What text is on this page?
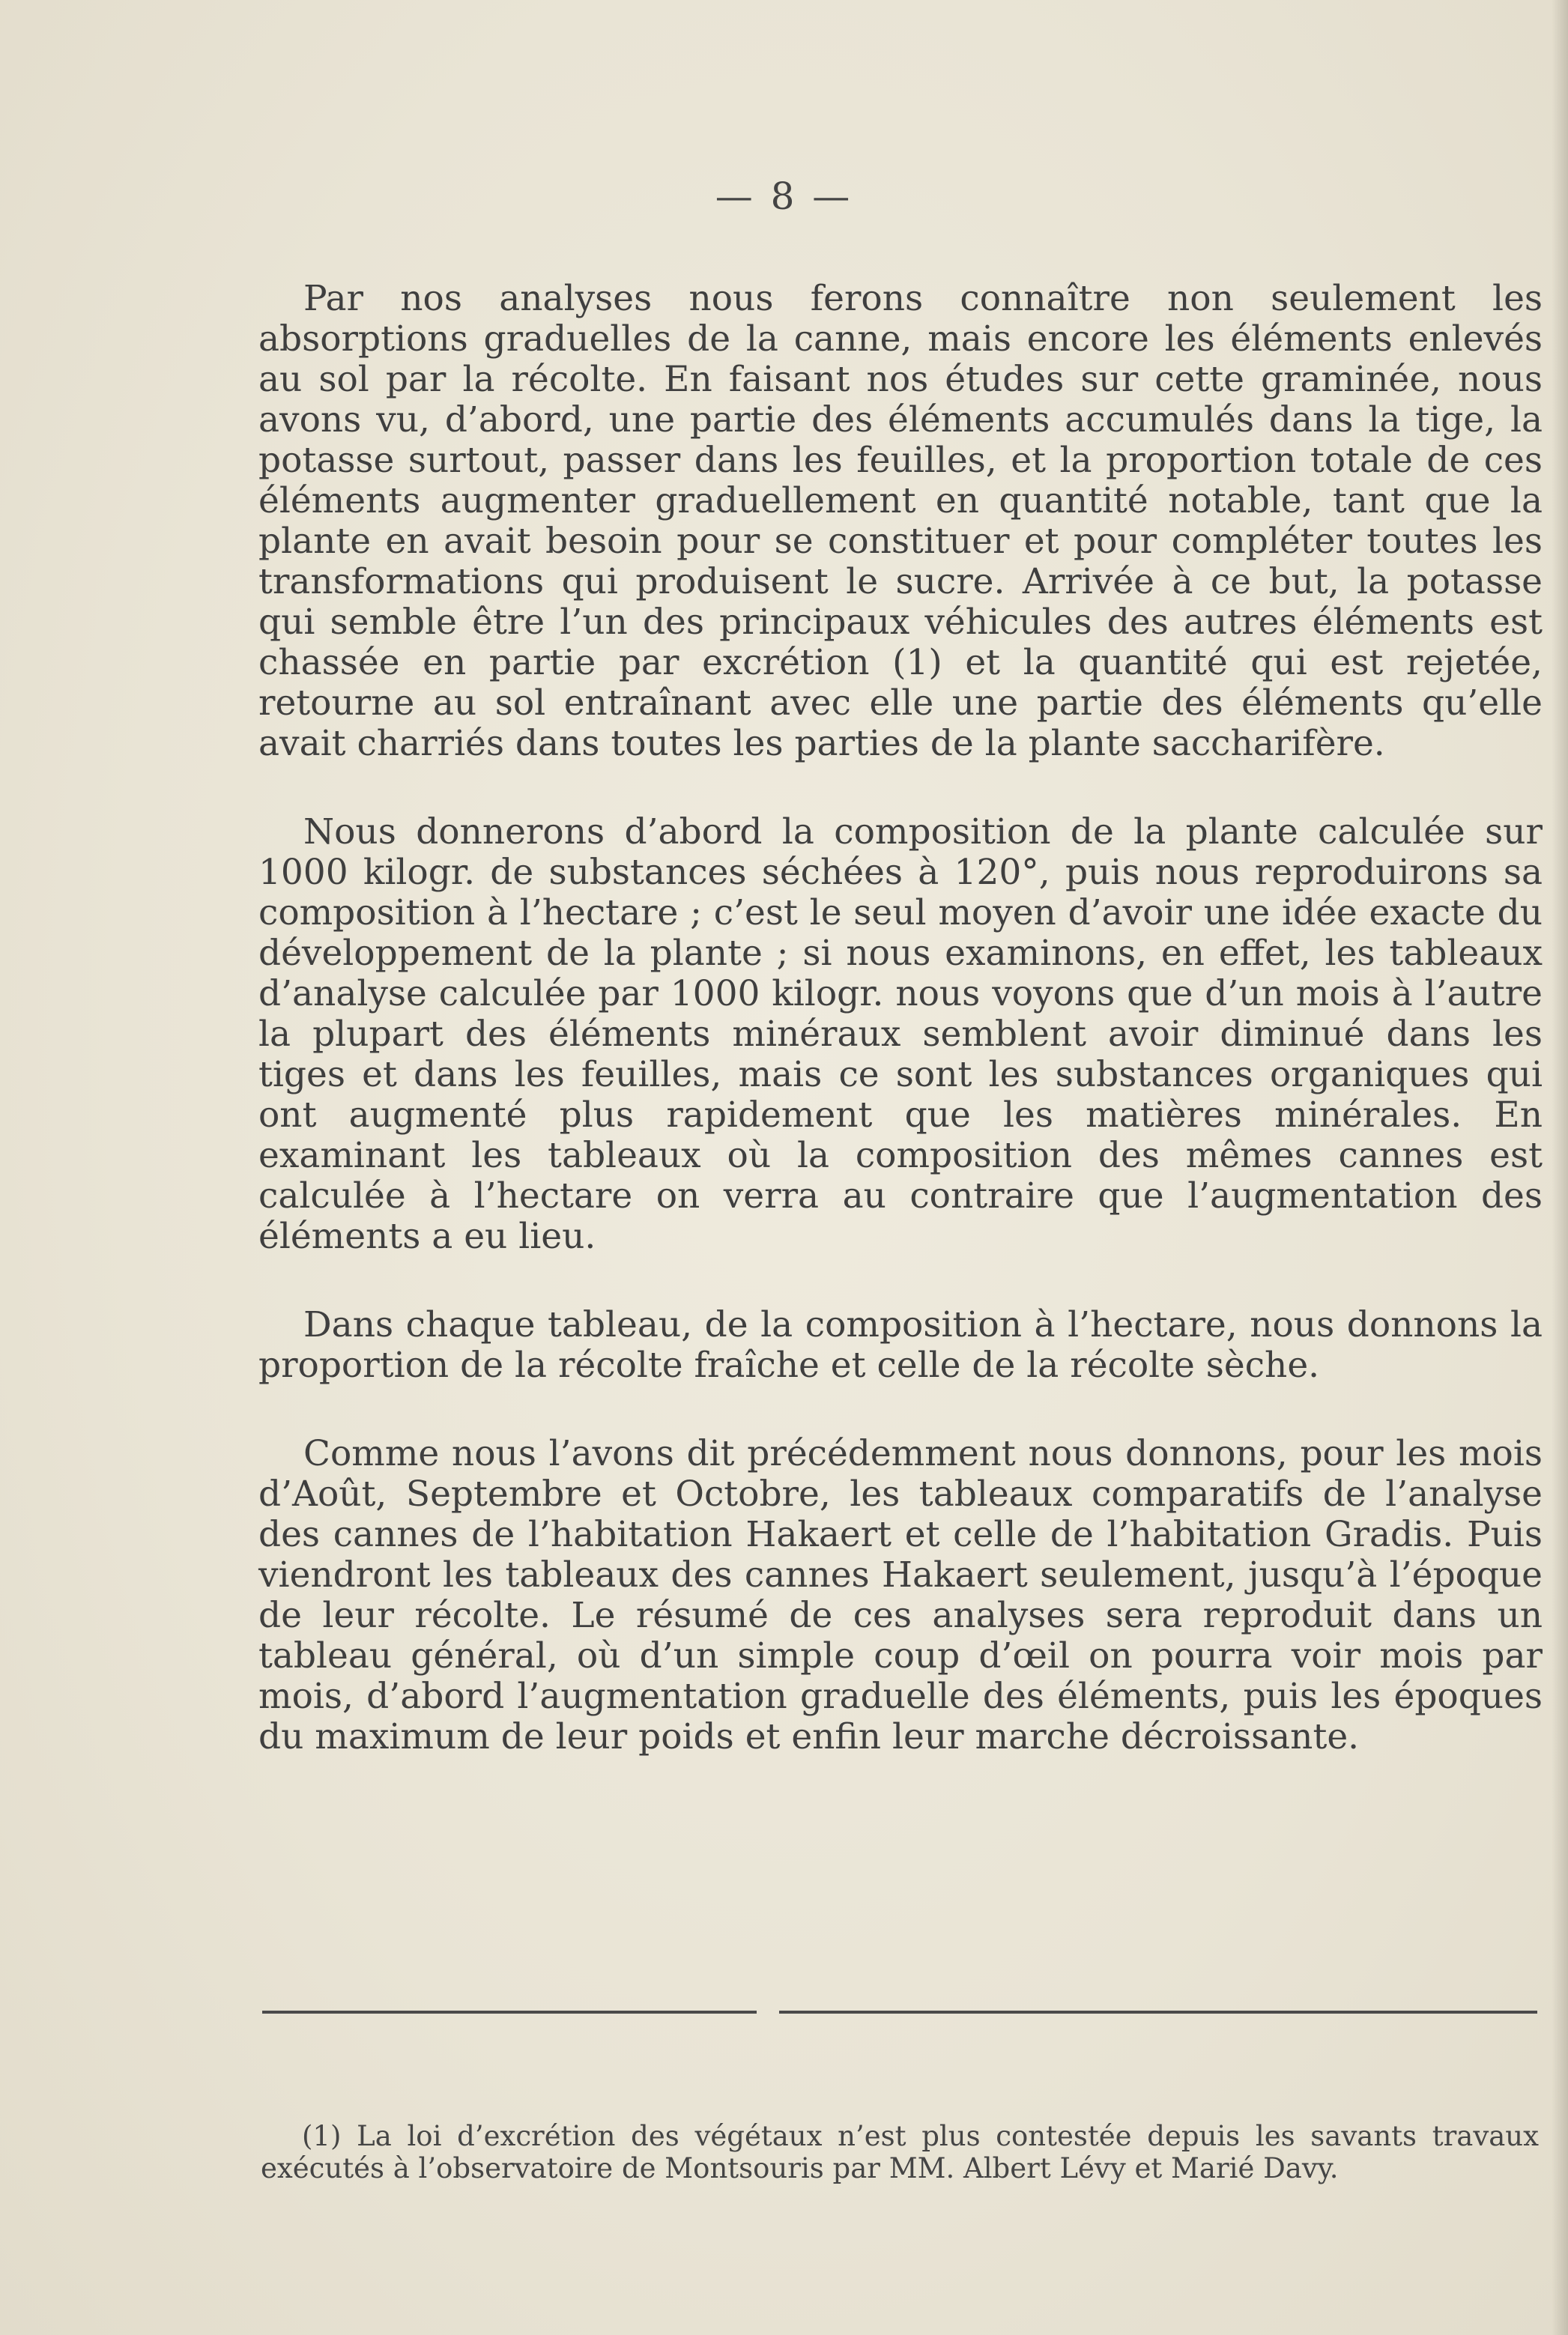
— 8 —

Par nos analyses nous ferons connaître non seulement les absorptions graduelles de la canne, mais encore les éléments enlevés au sol par la récolte. En faisant nos études sur cette graminée, nous avons vu, d’abord, une partie des éléments accumulés dans la tige, la potasse surtout, passer dans les feuilles, et la proportion totale de ces éléments augmenter graduellement en quantité notable, tant que la plante en avait besoin pour se constituer et pour compléter toutes les transformations qui produisent le sucre. Arrivée à ce but, la potasse qui semble être l’un des principaux véhicules des autres éléments est chassée en partie par excrétion (1) et la quantité qui est rejetée, retourne au sol entraînant avec elle une partie des éléments qu’elle avait charriés dans toutes les parties de la plante saccharifère.

Nous donnerons d’abord la composition de la plante calculée sur 1000 kilogr. de substances séchées à 120°, puis nous reproduirons sa composition à l’hectare ; c’est le seul moyen d’avoir une idée exacte du développement de la plante ; si nous examinons, en effet, les tableaux d’analyse calculée par 1000 kilogr. nous voyons que d’un mois à l’autre la plupart des éléments minéraux semblent avoir diminué dans les tiges et dans les feuilles, mais ce sont les substances organiques qui ont augmenté plus rapidement que les matières minérales. En examinant les tableaux où la composition des mêmes cannes est calculée à l’hectare on verra au contraire que l’augmentation des éléments a eu lieu.

Dans chaque tableau, de la composition à l’hectare, nous donnons la proportion de la récolte fraîche et celle de la récolte sèche.

Comme nous l’avons dit précédemment nous donnons, pour les mois d’Août, Septembre et Octobre, les tableaux comparatifs de l’analyse des cannes de l’habitation Hakaert et celle de l’habitation Gradis. Puis viendront les tableaux des cannes Hakaert seulement, jusqu’à l’époque de leur récolte. Le résumé de ces analyses sera reproduit dans un tableau général, où d’un simple coup d’œil on pourra voir mois par mois, d’abord l’augmentation graduelle des éléments, puis les époques du maximum de leur poids et enfin leur marche décroissante.

(1) La loi d’excrétion des végétaux n’est plus contestée depuis les savants travaux exécutés à l’observatoire de Montsouris par MM. Albert Lévy et Marié Davy.
